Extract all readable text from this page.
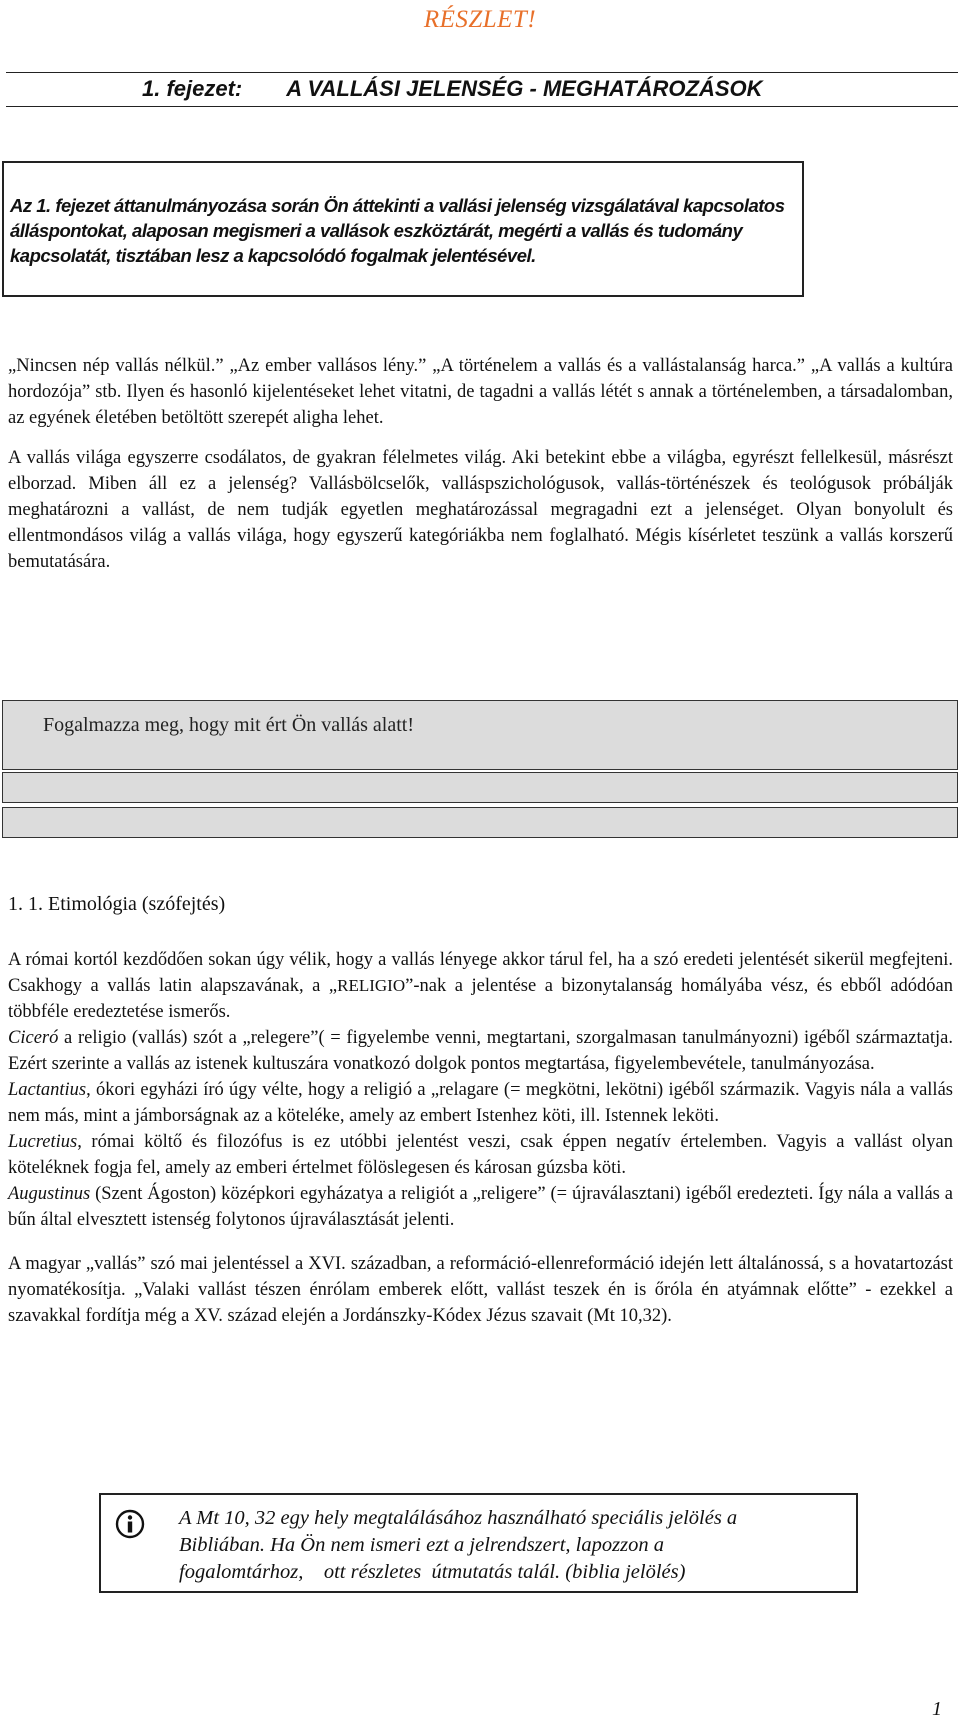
RÉSZLET!
1. fejezet: A VALLÁSI JELENSÉG - MEGHATÁROZÁSOK
Az 1. fejezet áttanulmányozása során Ön áttekinti a vallási jelenség vizsgálatával kapcsolatos álláspontokat, alaposan megismeri a vallások eszköztárát, megérti a vallás és tudomány kapcsolatát, tisztában lesz a kapcsolódó fogalmak jelentésével.

„Nincsen nép vallás nélkül.” „Az ember vallásos lény.” „A történelem a vallás és a vallástalanság harca.” „A vallás a kultúra hordozója” stb. Ilyen és hasonló kijelentéseket lehet vitatni, de tagadni a vallás létét s annak a történelemben, a társadalomban, az egyének életében betöltött szerepét aligha lehet.

A vallás világa egyszerre csodálatos, de gyakran félelmetes világ. Aki betekint ebbe a világba, egyrészt fellelkesül, másrészt elborzad. Miben áll ez a jelenség? Vallásbölcselők, valláspszichológusok, vallás-történészek és teológusok próbálják meghatározni a vallást, de nem tudják egyetlen meghatározással megragadni ezt a jelenséget. Olyan bonyolult és ellentmondásos világ a vallás világa, hogy egyszerű kategóriákba nem foglalható. Mégis kísérletet teszünk a vallás korszerű bemutatására.

Fogalmazza meg, hogy mit ért Ön vallás alatt!
1. 1. Etimológia (szófejtés)

A római kortól kezdődően sokan úgy vélik, hogy a vallás lényege akkor tárul fel, ha a szó eredeti jelentését sikerül megfejteni. Csakhogy a vallás latin alapszavának, a „RELIGIO”-nak a jelentése a bizonytalanság homályába vész, és ebből adódóan többféle eredeztetése ismerős.

Ciceró a religio (vallás) szót a „relegere”( = figyelembe venni, megtartani, szorgalmasan tanulmányozni) igéből származtatja. Ezért szerinte a vallás az istenek kultuszára vonatkozó dolgok pontos megtartása, figyelembevétele, tanulmányozása.

Lactantius, ókori egyházi író úgy vélte, hogy a religió a „relagare (= megkötni, lekötni) igéből származik. Vagyis nála a vallás nem más, mint a jámborságnak az a köteléke, amely az embert Istenhez köti, ill. Istennek leköti.

Lucretius, római költő és filozófus is ez utóbbi jelentést veszi, csak éppen negatív értelemben. Vagyis a vallást olyan köteléknek fogja fel, amely az emberi értelmet fölöslegesen és károsan gúzsba köti.

Augustinus (Szent Ágoston) középkori egyházatya a religiót a „religere” (= újraválasztani) igéből eredezteti. Így nála a vallás a bűn által elvesztett istenség folytonos újraválasztását jelenti.

A magyar „vallás” szó mai jelentéssel a XVI. században, a reformáció-ellenreformáció idején lett általánossá, s a hovatartozást nyomatékosítja. „Valaki vallást tészen énrólam emberek előtt, vallást teszek én is őróla én atyámnak előtte” - ezekkel a szavakkal fordítja még a XV. század elején a Jordánszky-Kódex Jézus szavait (Mt 10,32).

A Mt 10, 32 egy hely megtalálásához használható speciális jelölés a
Bibliában. Ha Ön nem ismeri ezt a jelrendszert, lapozzon a
fogalomtárhoz,    ott részletes  útmutatás talál. (biblia jelölés)
1
